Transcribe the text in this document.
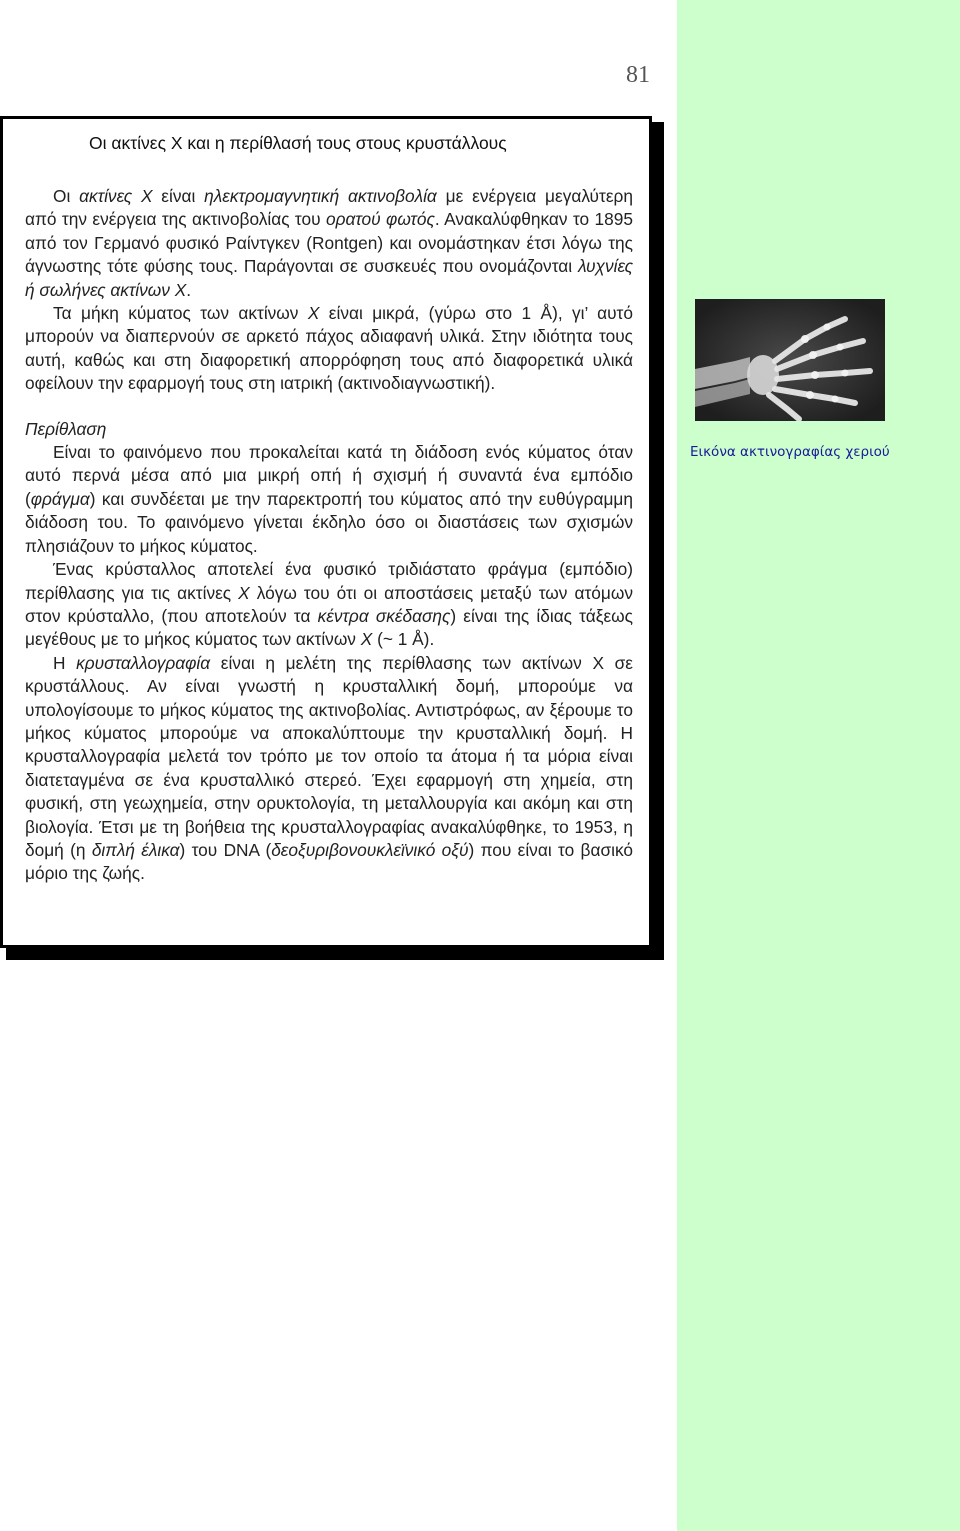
81
Οι ακτίνες Χ και η περίθλασή τους στους κρυστάλλους

Οι ακτίνες Χ είναι ηλεκτρομαγνητική ακτινοβολία με ενέργεια μεγαλύτερη από την ενέργεια της ακτινοβολίας του ορατού φωτός. Ανακαλύφθηκαν το 1895 από τον Γερμανό φυσικό Ραίντγκεν (Rontgen) και ονομάστηκαν έτσι λόγω της άγνωστης τότε φύσης τους. Παράγονται σε συσκευές που ονομάζονται λυχνίες ή σωλήνες ακτίνων Χ.

Τα μήκη κύματος των ακτίνων Χ είναι μικρά, (γύρω στο 1 Å), γι’ αυτό μπορούν να διαπερνούν σε αρκετό πάχος αδιαφανή υλικά. Στην ιδιότητα τους αυτή, καθώς και στη διαφορετική απορρόφηση τους από διαφορετικά υλικά οφείλουν την εφαρμογή τους στη ιατρική (ακτινοδιαγνωστική).

Περίθλαση

Είναι το φαινόμενο που προκαλείται κατά τη διάδοση ενός κύματος όταν αυτό περνά μέσα από μια μικρή οπή ή σχισμή ή συναντά ένα εμπόδιο (φράγμα) και συνδέεται με την παρεκτροπή του κύματος από την ευθύγραμμη διάδοση του. Το φαινόμενο γίνεται έκδηλο όσο οι διαστάσεις των σχισμών πλησιάζουν το μήκος κύματος.

Ένας κρύσταλλος αποτελεί ένα φυσικό τριδιάστατο φράγμα (εμπόδιο) περίθλασης για τις ακτίνες Χ λόγω του ότι οι αποστάσεις μεταξύ των ατόμων στον κρύσταλλο, (που αποτελούν τα κέντρα σκέδασης) είναι της ίδιας τάξεως μεγέθους με το μήκος κύματος των ακτίνων Χ (~ 1 Å).

Η κρυσταλλογραφία είναι η μελέτη της περίθλασης των ακτίνων Χ σε κρυστάλλους. Αν είναι γνωστή η κρυσταλλική δομή, μπορούμε να υπολογίσουμε το μήκος κύματος της ακτινοβολίας. Αντιστρόφως, αν ξέρουμε το μήκος κύματος μπορούμε να αποκαλύπτουμε την κρυσταλλική δομή. Η κρυσταλλογραφία μελετά τον τρόπο με τον οποίο τα άτομα ή τα μόρια είναι διατεταγμένα σε ένα κρυσταλλικό στερεό. Έχει εφαρμογή στη χημεία, στη φυσική, στη γεωχημεία, στην ορυκτολογία, τη μεταλλουργία και ακόμη και στη βιολογία. Έτσι με τη βοήθεια της κρυσταλλογραφίας ανακαλύφθηκε, το 1953, η δομή (η διπλή έλικα) του DNA (δεοξυριβονουκλεϊνικό οξύ) που είναι το βασικό μόριο της ζωής.

Εικόνα ακτινογραφίας χεριού
